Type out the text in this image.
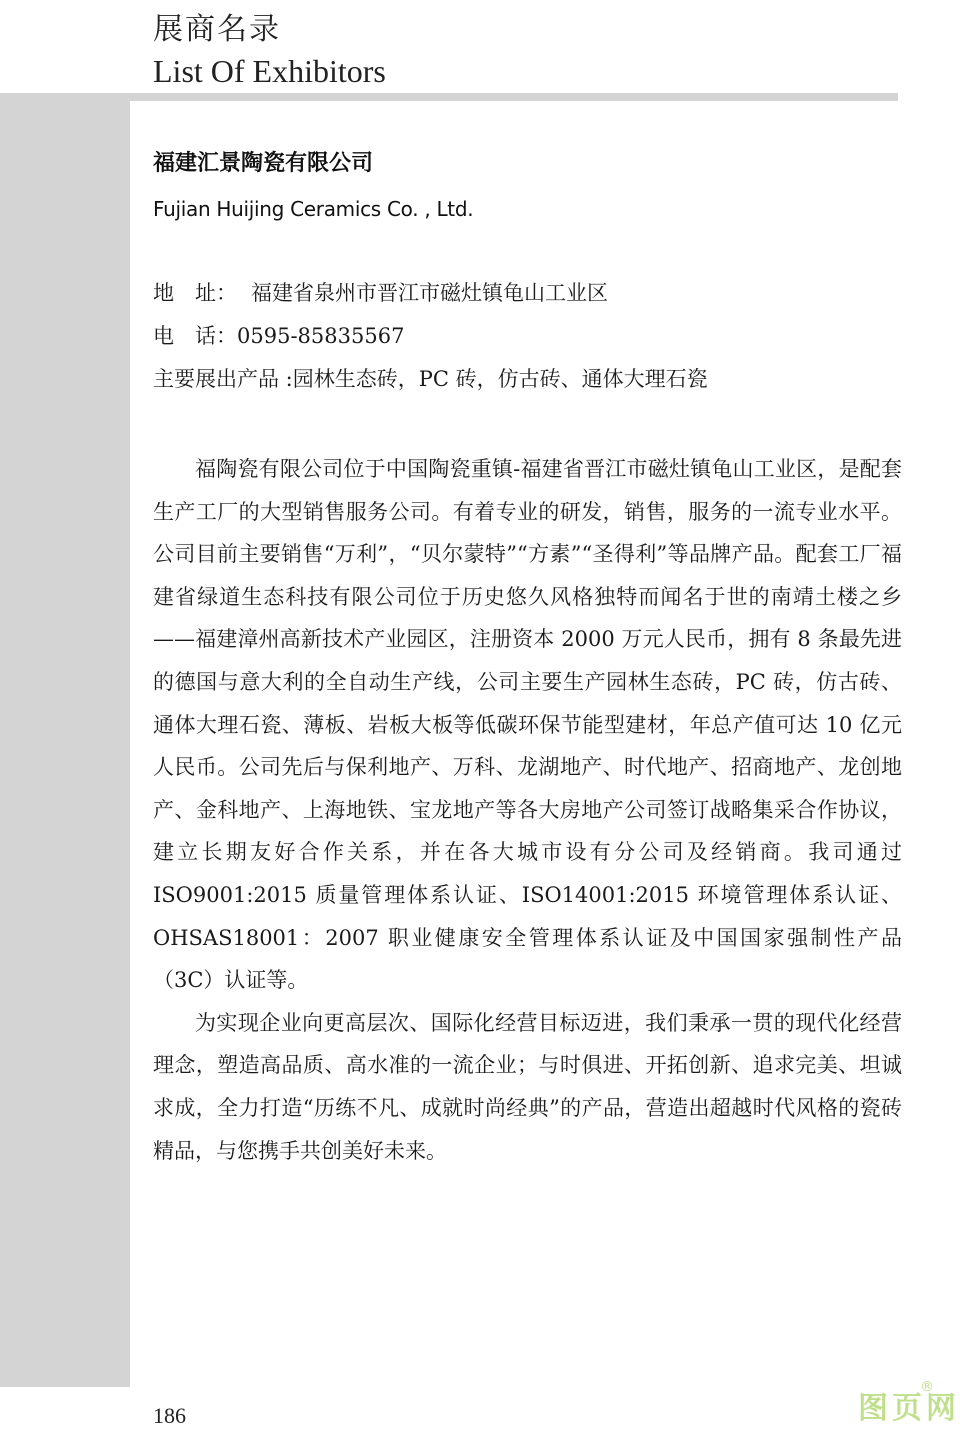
展商名录
List Of Exhibitors
福建汇景陶瓷有限公司
Fujian Huijing Ceramics Co. , Ltd.
地　址： 福建省泉州市晋江市磁灶镇龟山工业区
电　话：0595-85835567
主要展出产品 :园林生态砖，PC 砖，仿古砖、通体大理石瓷

福陶瓷有限公司位于中国陶瓷重镇-福建省晋江市磁灶镇龟山工业区，是配套生产工厂的大型销售服务公司。有着专业的研发，销售，服务的一流专业水平。公司目前主要销售“万利”，“贝尔蒙特”“方素”“圣得利”等品牌产品。配套工厂福建省绿道生态科技有限公司位于历史悠久风格独特而闻名于世的南靖土楼之乡——福建漳州高新技术产业园区，注册资本 2000 万元人民币，拥有 8 条最先进的德国与意大利的全自动生产线，公司主要生产园林生态砖，PC 砖，仿古砖、通体大理石瓷、薄板、岩板大板等低碳环保节能型建材，年总产值可达 10 亿元人民币。公司先后与保利地产、万科、龙湖地产、时代地产、招商地产、龙创地产、金科地产、上海地铁、宝龙地产等各大房地产公司签订战略集采合作协议，建立长期友好合作关系，并在各大城市设有分公司及经销商。我司通过 ISO9001:2015 质量管理体系认证、ISO14001:2015 环境管理体系认证、OHSAS18001：2007 职业健康安全管理体系认证及中国国家强制性产品（3C）认证等。

为实现企业向更高层次、国际化经营目标迈进，我们秉承一贯的现代化经营理念，塑造高品质、高水准的一流企业；与时俱进、开拓创新、追求完美、坦诚求成，全力打造“历练不凡、成就时尚经典”的产品，营造出超越时代风格的瓷砖精品，与您携手共创美好未来。

186	图页网
®
